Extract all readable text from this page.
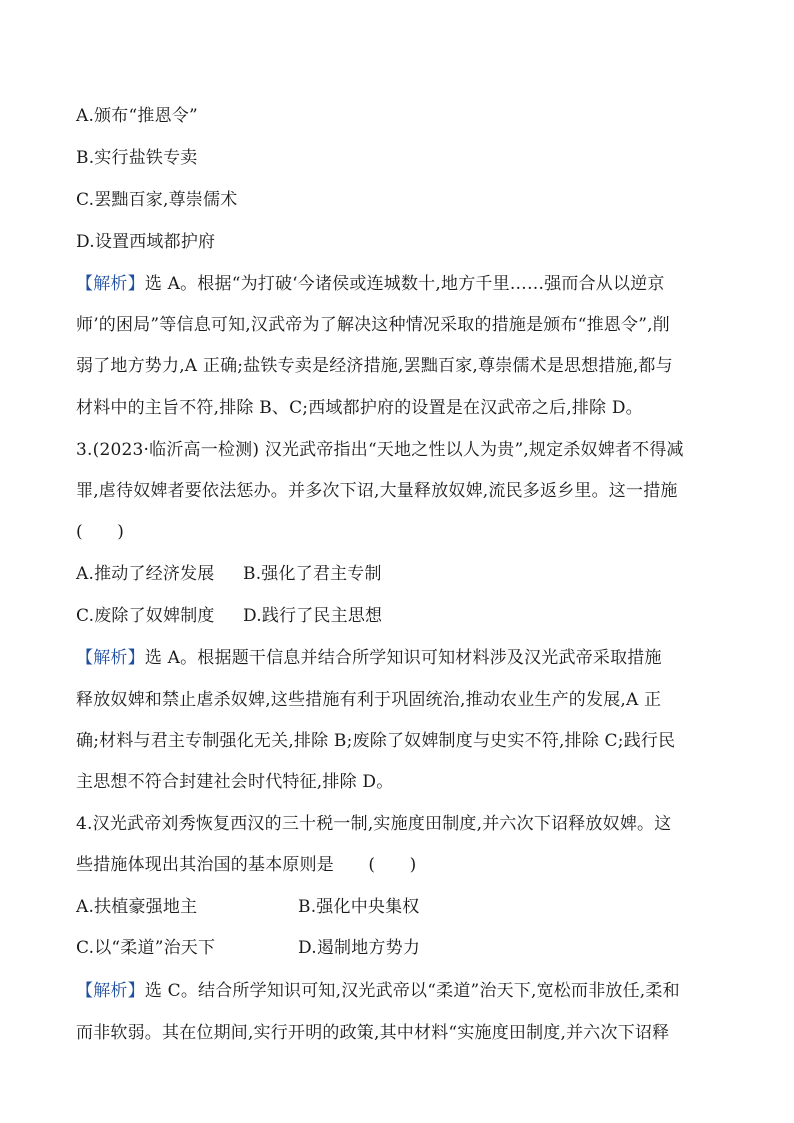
A.颁布“推恩令”
B.实行盐铁专卖
C.罢黜百家,尊崇儒术
D.设置西域都护府
【解析】选 A。根据“为打破‘今诸侯或连城数十,地方千里……强而合从以逆京
师’的困局”等信息可知,汉武帝为了解决这种情况采取的措施是颁布“推恩令”,削
弱了地方势力,A 正确;盐铁专卖是经济措施,罢黜百家,尊崇儒术是思想措施,都与
材料中的主旨不符,排除 B、C;西域都护府的设置是在汉武帝之后,排除 D。
3.(2023·临沂高一检测) 汉光武帝指出“天地之性以人为贵”,规定杀奴婢者不得减
罪,虐待奴婢者要依法惩办。并多次下诏,大量释放奴婢,流民多返乡里。这一措施
(　　)
A.推动了经济发展 B.强化了君主专制
C.废除了奴婢制度 D.践行了民主思想
【解析】选 A。根据题干信息并结合所学知识可知材料涉及汉光武帝采取措施
释放奴婢和禁止虐杀奴婢,这些措施有利于巩固统治,推动农业生产的发展,A 正
确;材料与君主专制强化无关,排除 B;废除了奴婢制度与史实不符,排除 C;践行民
主思想不符合封建社会时代特征,排除 D。
4.汉光武帝刘秀恢复西汉的三十税一制,实施度田制度,并六次下诏释放奴婢。这
些措施体现出其治国的基本原则是　　(　　)
A.扶植豪强地主	B.强化中央集权
C.以“柔道”治天下	D.遏制地方势力
【解析】选 C。结合所学知识可知,汉光武帝以“柔道”治天下,宽松而非放任,柔和
而非软弱。其在位期间,实行开明的政策,其中材料“实施度田制度,并六次下诏释
